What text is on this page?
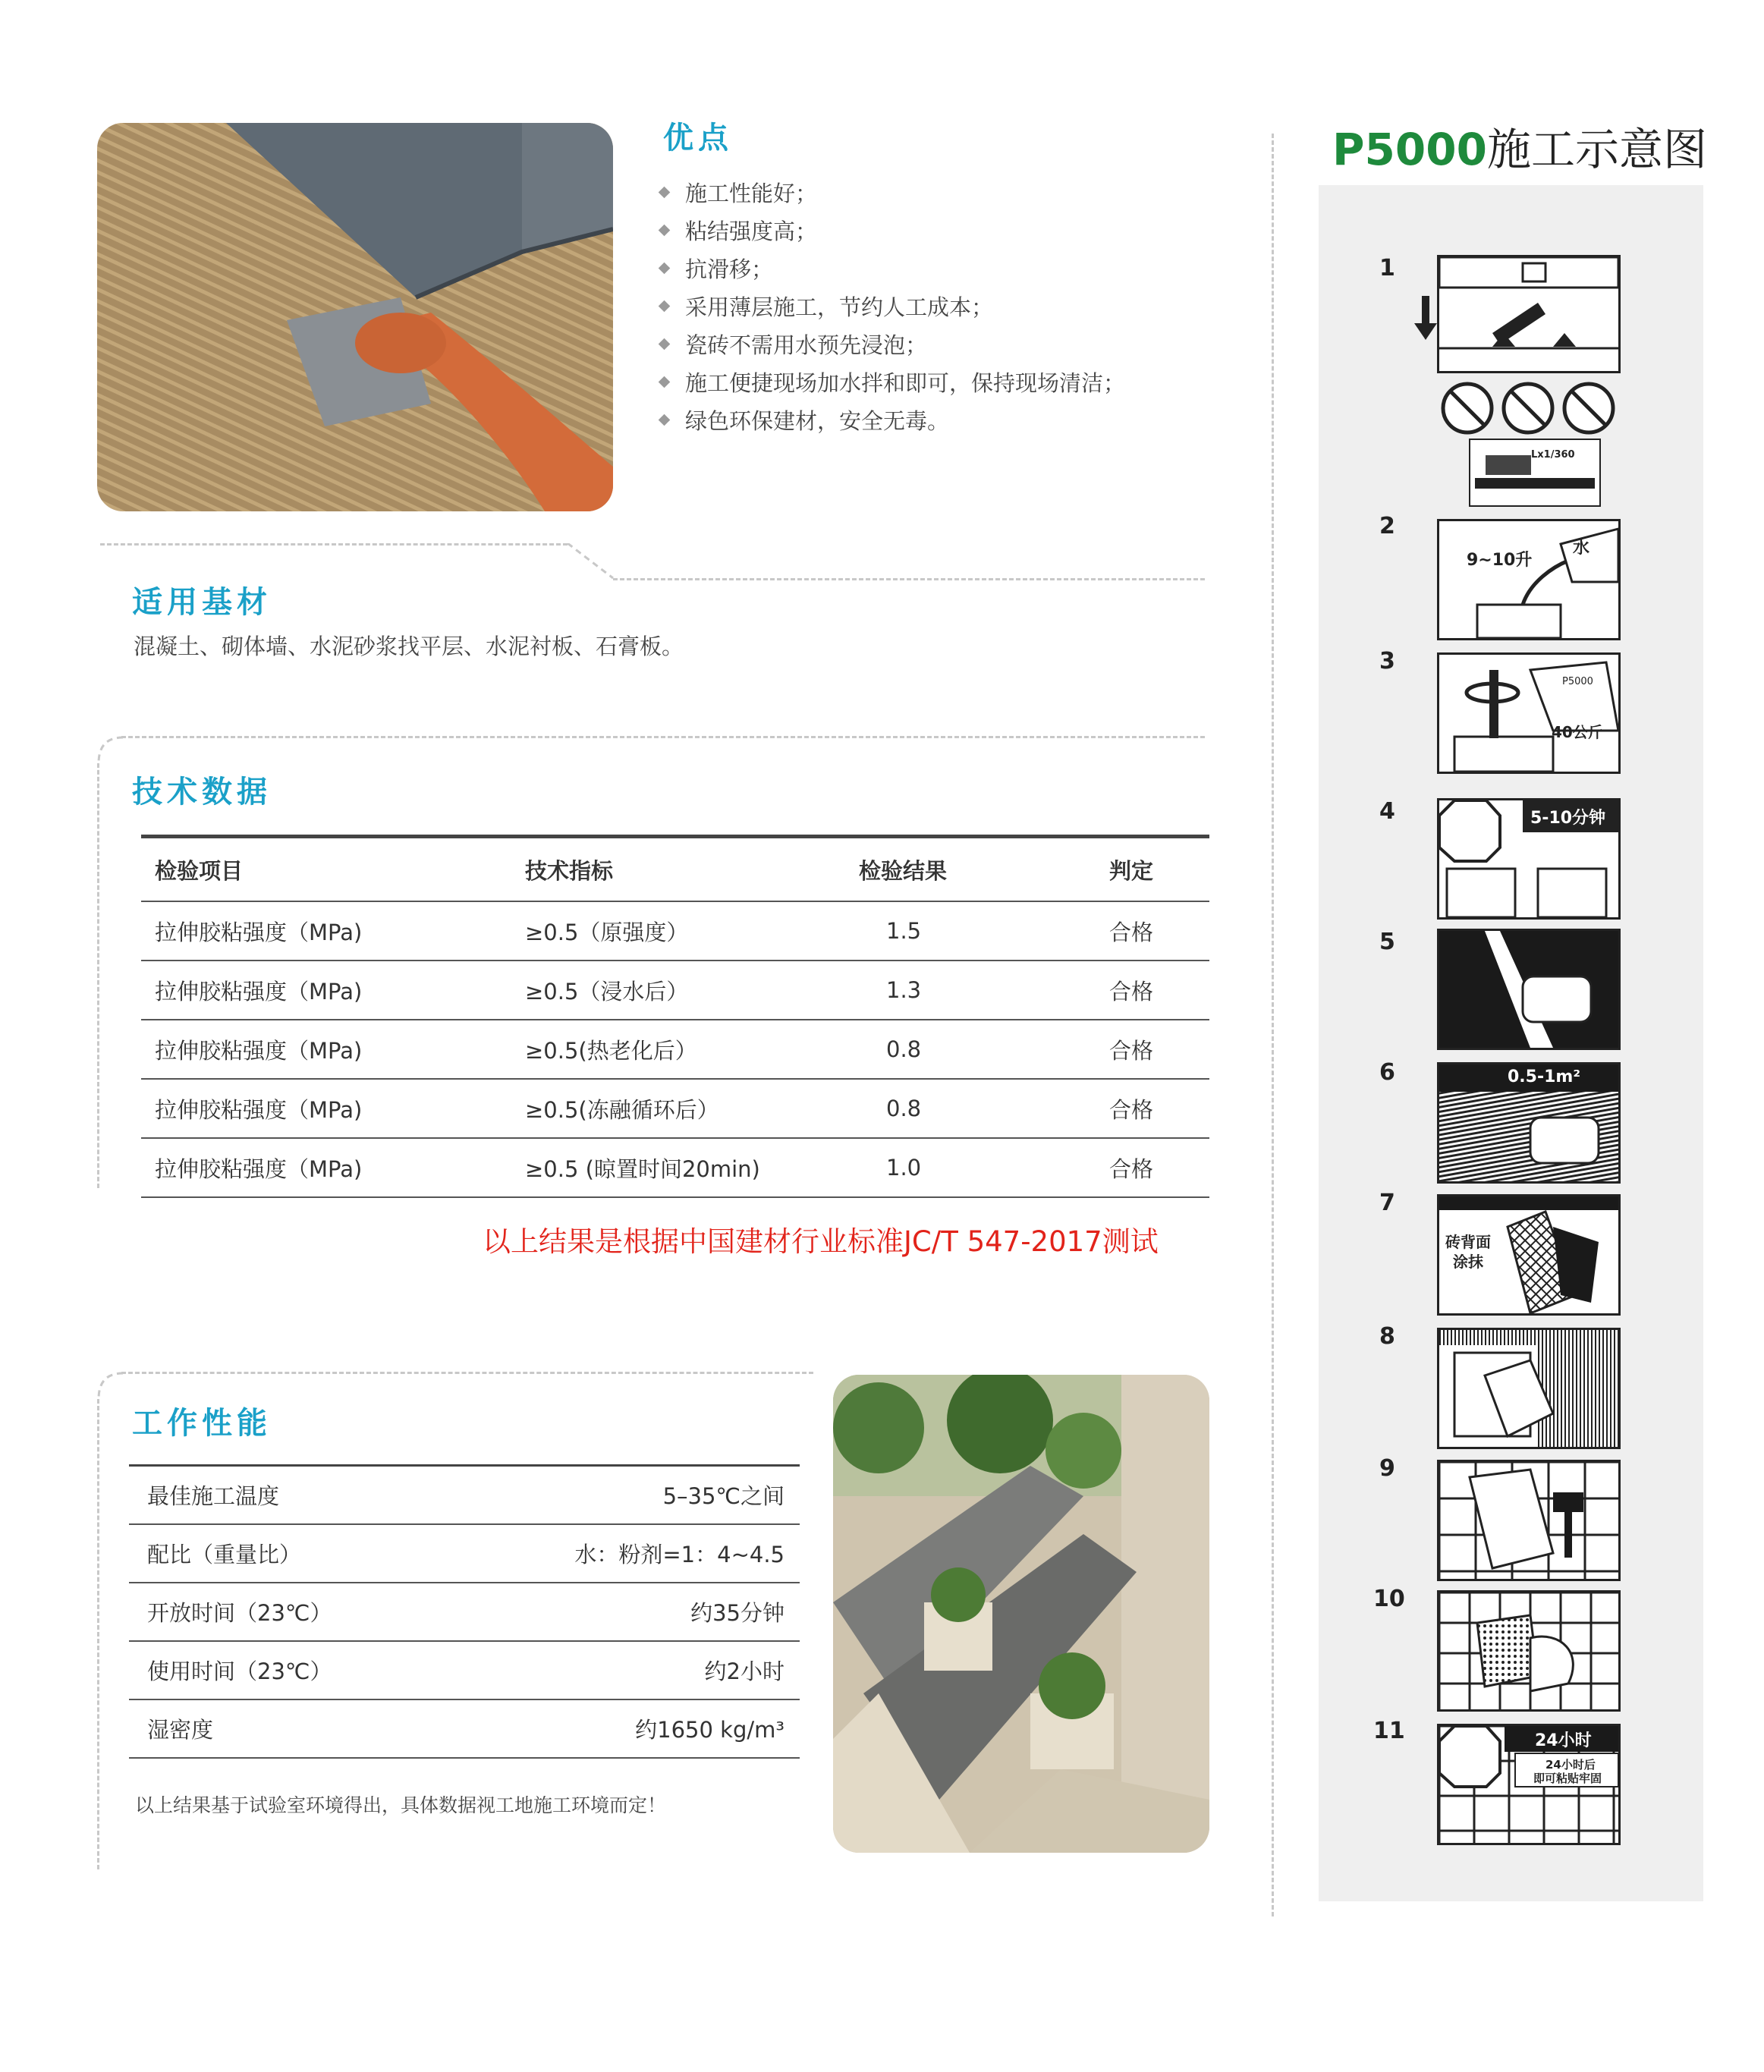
优点
施工性能好；
粘结强度高；
抗滑移；
采用薄层施工，节约人工成本；
瓷砖不需用水预先浸泡；
施工便捷现场加水拌和即可，保持现场清洁；
绿色环保建材，安全无毒。
适用基材
混凝土、砌体墙、水泥砂浆找平层、水泥衬板、石膏板。
技术数据
检验项目	技术指标	检验结果	判定
拉伸胶粘强度（MPa)	≥0.5（原强度）	1.5	合格
拉伸胶粘强度（MPa)	≥0.5（浸水后）	1.3	合格
拉伸胶粘强度（MPa)	≥0.5(热老化后）	0.8	合格
拉伸胶粘强度（MPa)	≥0.5(冻融循环后）	0.8	合格
拉伸胶粘强度（MPa)	≥0.5 (晾置时间20min)	1.0	合格
以上结果是根据中国建材行业标准JC/T 547-2017测试
工作性能
最佳施工温度	5–35℃之间
配比（重量比）	水：粉剂=1：4~4.5
开放时间（23℃）	约35分钟
使用时间（23℃）	约2小时
湿密度	约1650 kg/m³
以上结果基于试验室环境得出，具体数据视工地施工环境而定！
P5000施工示意图
1
Lx1/360
2
9~10升
水
3
P5000
40公斤
4	5-10分钟
5
6	0.5-1m²
7
砖背面
涂抹
8
9
10
11	24小时
24小时后
即可粘贴牢固
